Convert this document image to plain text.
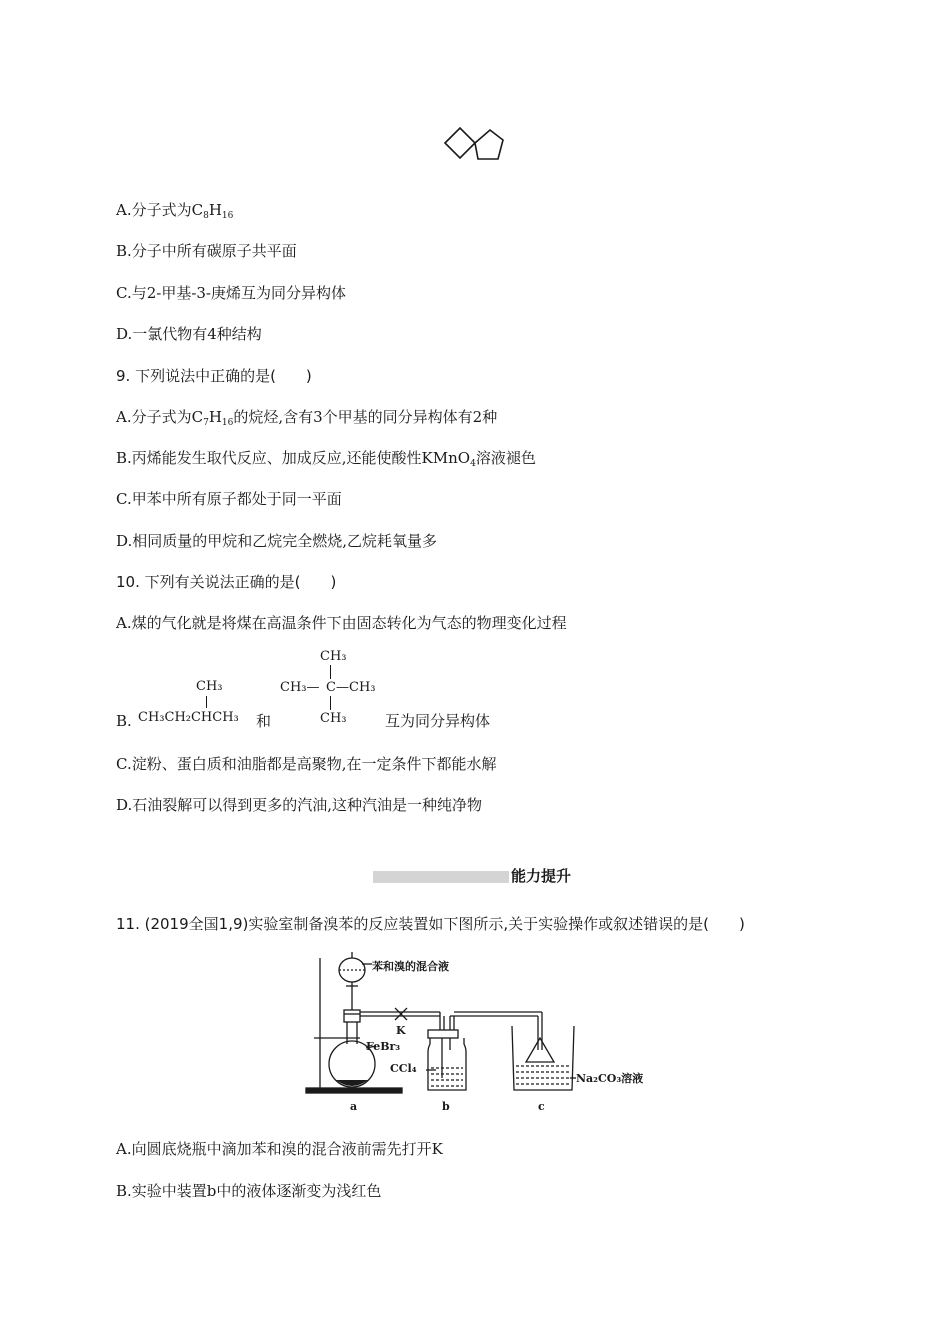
A.分子式为$C_8H_{16}$
B.分子中所有碳原子共平面
C.与2-甲基-3-庚烯互为同分异构体
D.一氯代物有4种结构
9. 下列说法中正确的是(　　)
A.分子式为$C_7H_{16}$的烷烃,含有3个甲基的同分异构体有2种
B.丙烯能发生取代反应、加成反应,还能使酸性KMnO$_4$溶液褪色
C.甲苯中所有原子都处于同一平面
D.相同质量的甲烷和乙烷完全燃烧,乙烷耗氧量多
10. 下列有关说法正确的是(　　)
A.煤的气化就是将煤在高温条件下由固态转化为气态的物理变化过程
B.
CH₃
CH₃CH₂CHCH₃ 和
CH₃
CH₃— C —CH₃
CH₃	互为同分异构体
C.淀粉、蛋白质和油脂都是高聚物,在一定条件下都能水解
D.石油裂解可以得到更多的汽油,这种汽油是一种纯净物
能力提升
11. (2019全国1,9)实验室制备溴苯的反应装置如下图所示,关于实验操作或叙述错误的是(　　)
苯和溴的混合液
K
FeBr₃
CCl₄
Na₂CO₃溶液
a	b	c
A.向圆底烧瓶中滴加苯和溴的混合液前需先打开K
B.实验中装置b中的液体逐渐变为浅红色
